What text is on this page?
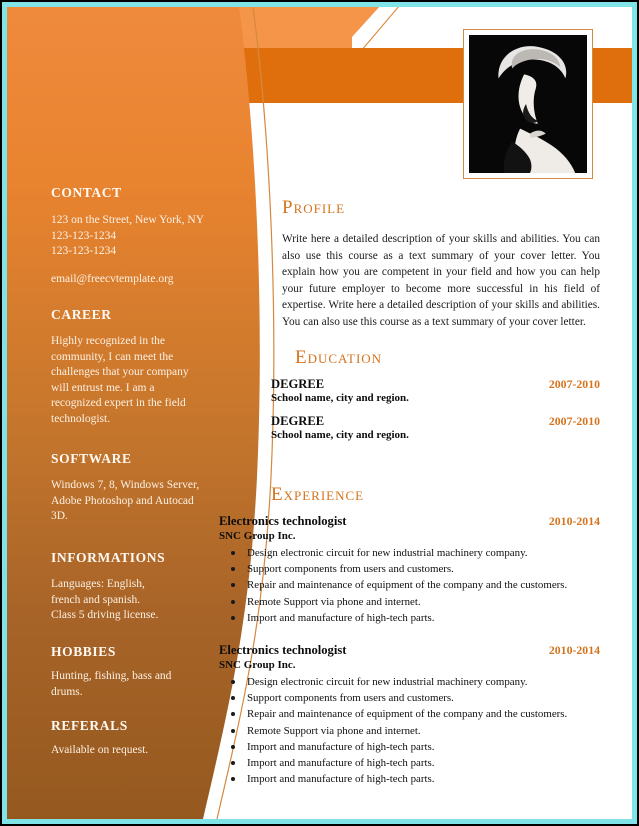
CONTACT
123 on the Street, New York, NY
123-123-1234
123-123-1234
email@freecvtemplate.org
CAREER
Highly recognized in the community, I can meet the challenges that your company will entrust me. I am a recognized expert in the field technologist.
SOFTWARE
Windows 7, 8, Windows Server, Adobe Photoshop and Autocad 3D.
INFORMATIONS
Languages: English,
french and spanish.
Class 5 driving license.
HOBBIES
Hunting, fishing, bass and drums.
REFERALS
Available on request.
Profile
Write here a detailed description of your skills and abilities. You can also use this course as a text summary of your cover letter. You explain how you are competent in your field and how you can help your future employer to become more successful in his field of expertise. Write here a detailed description of your skills and abilities. You can also use this course as a text summary of your cover letter.
Education
DEGREE	2007-2010
School name, city and region.
DEGREE	2007-2010
School name, city and region.
Experience
Electronics technologist	2010-2014
SNC Group Inc.
Design electronic circuit for new industrial machinery company.
Support components from users and customers.
Repair and maintenance of equipment of the company and the customers.
Remote Support via phone and internet.
Import and manufacture of high-tech parts.
Electronics technologist	2010-2014
SNC Group Inc.
Design electronic circuit for new industrial machinery company.
Support components from users and customers.
Repair and maintenance of equipment of the company and the customers.
Remote Support via phone and internet.
Import and manufacture of high-tech parts.
Import and manufacture of high-tech parts.
Import and manufacture of high-tech parts.
